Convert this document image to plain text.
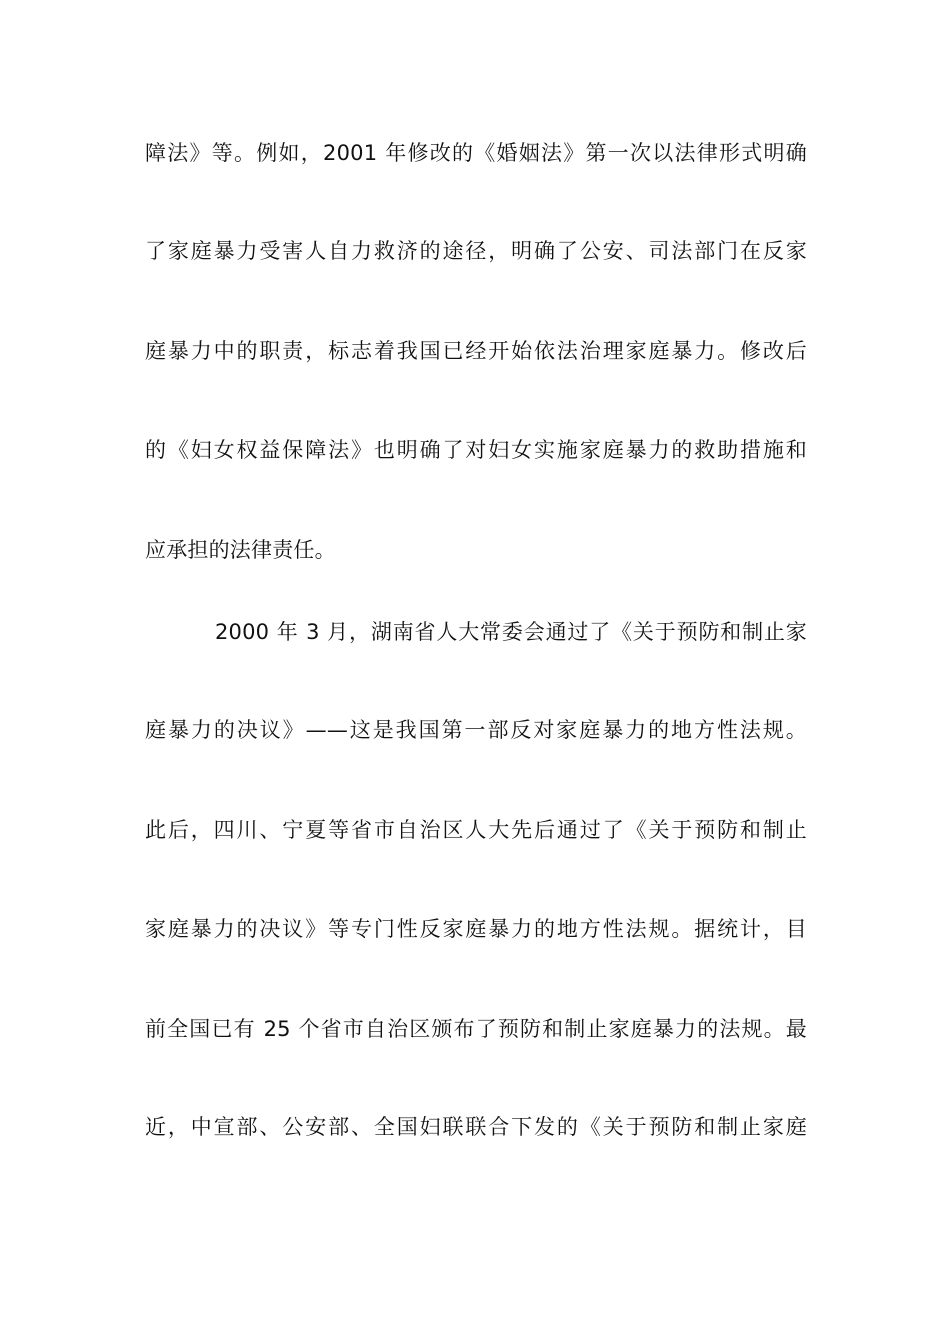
障法》等。例如，2001 年修改的《婚姻法》第一次以法律形式明确
了家庭暴力受害人自力救济的途径，明确了公安、司法部门在反家
庭暴力中的职责，标志着我国已经开始依法治理家庭暴力。修改后
的《妇女权益保障法》也明确了对妇女实施家庭暴力的救助措施和
应承担的法律责任。
2000 年 3 月，湖南省人大常委会通过了《关于预防和制止家
庭暴力的决议》——这是我国第一部反对家庭暴力的地方性法规。
此后，四川、宁夏等省市自治区人大先后通过了《关于预防和制止
家庭暴力的决议》等专门性反家庭暴力的地方性法规。据统计，目
前全国已有 25 个省市自治区颁布了预防和制止家庭暴力的法规。最
近，中宣部、公安部、全国妇联联合下发的《关于预防和制止家庭
